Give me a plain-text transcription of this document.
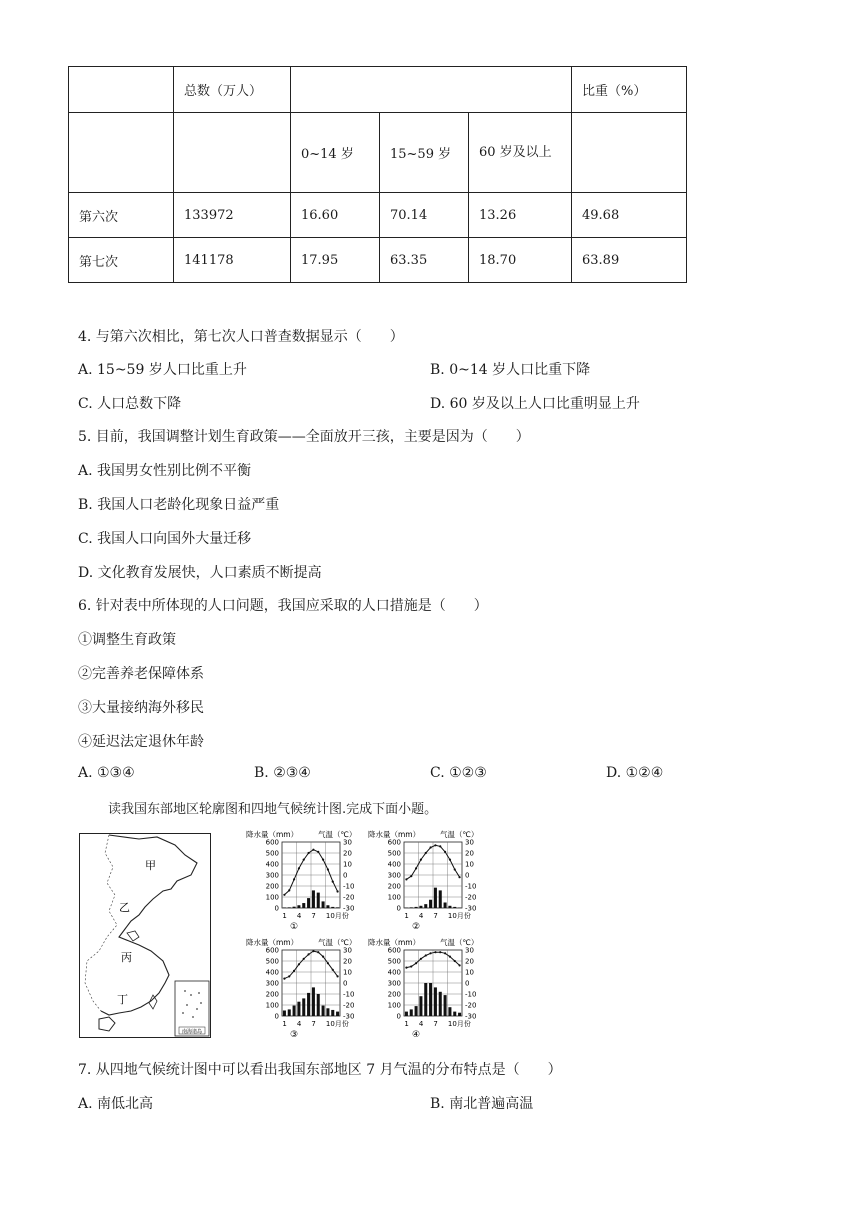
	总数（万人）				比重（%）
		0~14 岁	15~59 岁	60 岁及以上	
第六次	133972	16.60	70.14	13.26	49.68
第七次	141178	17.95	63.35	18.70	63.89
4. 与第六次相比，第七次人口普查数据显示（　　）
A. 15~59 岁人口比重上升	B. 0~14 岁人口比重下降
C. 人口总数下降	D. 60 岁及以上人口比重明显上升
5. 目前，我国调整计划生育政策——全面放开三孩，主要是因为（　　）
A. 我国男女性别比例不平衡
B. 我国人口老龄化现象日益严重
C. 我国人口向国外大量迁移
D. 文化教育发展快，人口素质不断提高
6. 针对表中所体现的人口问题，我国应采取的人口措施是（　　）
①调整生育政策
②完善养老保障体系
③大量接纳海外移民
④延迟法定退休年龄
A. ①③④	B. ②③④	C. ①②③	D. ①②④
读我国东部地区轮廓图和四地气候统计图.完成下面小题。
南海诸岛
甲
乙
丙
丁
降水量（mm）	气温（℃）
600
500
400
300
200
100
0
30
20
10
0
-10
-20
-30
1 4 7 10月份
①
降水量（mm）	气温（℃）
600
500
400
300
200
100
0
30
20
10
0
-10
-20
-30
1 4 7 10月份
②
降水量（mm）	气温（℃）
600
500
400
300
200
100
0
30
20
10
0
-10
-20
-30
1 4 7 10月份
③
降水量（mm）	气温（℃）
600
500
400
300
200
100
0
30
20
10
0
-10
-20
-30
1 4 7 10月份
④
7. 从四地气候统计图中可以看出我国东部地区 7 月气温的分布特点是（　　）
A. 南低北高	B. 南北普遍高温
